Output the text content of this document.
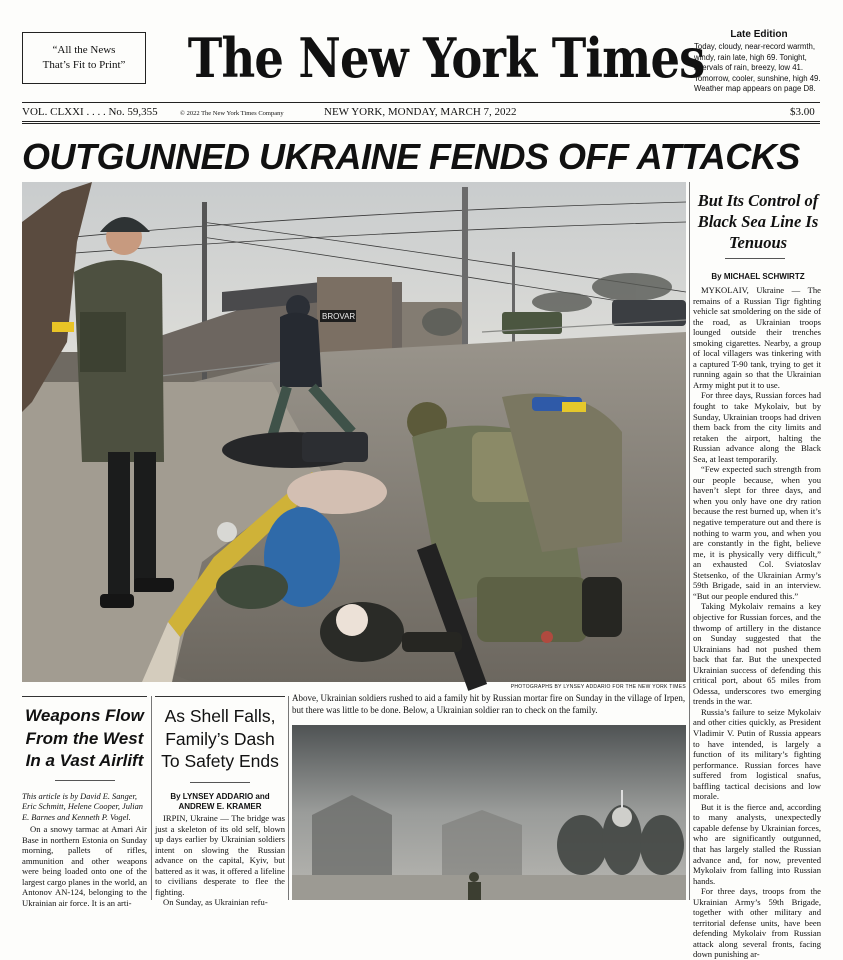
“All the News
That’s Fit to Print” The New York Times	Late Edition
Today, cloudy, near-record warmth, windy, rain late, high 69. Tonight, intervals of rain, breezy, low 41. Tomorrow, cooler, sunshine, high 49. Weather map appears on page D8.
VOL. CLXXI . . . . No. 59,355	© 2022 The New York Times Company	NEW YORK, MONDAY, MARCH 7, 2022	$3.00
OUTGUNNED UKRAINE FENDS OFF ATTACKS
BROVAR
PHOTOGRAPHS BY LYNSEY ADDARIO FOR THE NEW YORK TIMES
But Its Control of Black Sea Line Is Tenuous
By MICHAEL SCHWIRTZ

MYKOLAIV, Ukraine — The remains of a Russian Tigr fighting vehicle sat smoldering on the side of the road, as Ukrainian troops lounged outside their trenches smoking cigarettes. Nearby, a group of local villagers was tinkering with a captured T-90 tank, trying to get it running again so that the Ukrainian Army might put it to use.

For three days, Russian forces had fought to take Mykolaiv, but by Sunday, Ukrainian troops had driven them back from the city limits and retaken the airport, halting the Russian advance along the Black Sea, at least temporarily.

“Few expected such strength from our people because, when you haven’t slept for three days, and when you only have one dry ration because the rest burned up, when it’s negative temperature out and there is nothing to warm you, and when you are constantly in the fight, believe me, it is physically very difficult,” an exhausted Col. Sviatoslav Stetsenko, of the Ukrainian Army’s 59th Brigade, said in an interview. “But our people endured this.”

Taking Mykolaiv remains a key objective for Russian forces, and the thwomp of artillery in the distance on Sunday suggested that the Ukrainians had not pushed them back that far. But the unexpected Ukrainian success of defending this critical port, about 65 miles from Odessa, underscores two emerging trends in the war.

Russia’s failure to seize Mykolaiv and other cities quickly, as President Vladimir V. Putin of Russia appears to have intended, is largely a function of its military’s fighting performance. Russian forces have suffered from logistical snafus, baffling tactical decisions and low morale.

But it is the fierce and, according to many analysts, unexpectedly capable defense by Ukrainian forces, who are significantly outgunned, that has largely stalled the Russian advance and, for now, prevented Mykolaiv from falling into Russian hands.

For three days, troops from the Ukrainian Army’s 59th Brigade, together with other military and territorial defense units, have been defending Mykolaiv from Russian attack along several fronts, facing down punishing ar-

Weapons Flow From the West In a Vast Airlift
This article is by David E. Sanger, Eric Schmitt, Helene Cooper, Julian E. Barnes and Kenneth P. Vogel.

On a snowy tarmac at Amari Air Base in northern Estonia on Sunday morning, pallets of rifles, ammunition and other weapons were being loaded onto one of the largest cargo planes in the world, an Antonov AN-124, belonging to the Ukrainian air force. It is an arti-

As Shell Falls, Family’s Dash To Safety Ends
By LYNSEY ADDARIO and ANDREW E. KRAMER

IRPIN, Ukraine — The bridge was just a skeleton of its old self, blown up days earlier by Ukrainian soldiers intent on slowing the Russian advance on the capital, Kyiv, but battered as it was, it offered a lifeline to civilians desperate to flee the fighting.

On Sunday, as Ukrainian refu-

Above, Ukrainian soldiers rushed to aid a family hit by Russian mortar fire on Sunday in the village of Irpen, but there was little to be done. Below, a Ukrainian soldier ran to check on the family.
